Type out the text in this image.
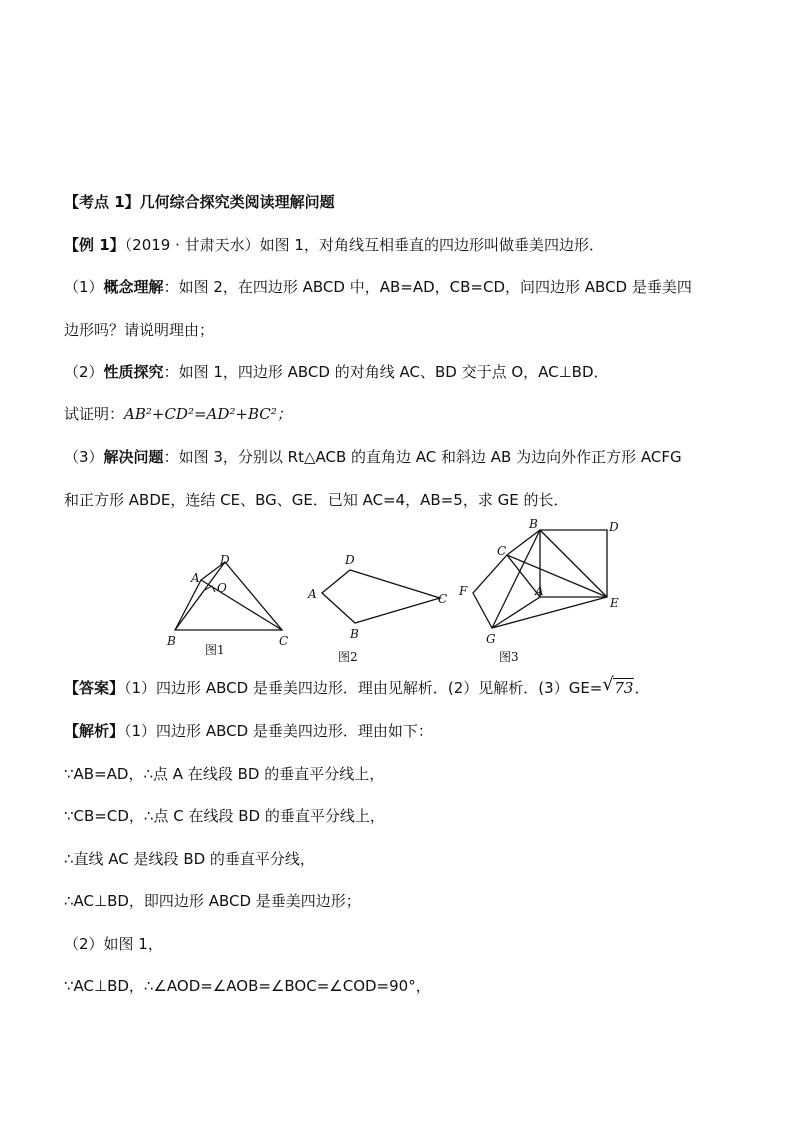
【考点 1】几何综合探究类阅读理解问题
【例 1】（2019 · 甘肃天水）如图 1，对角线互相垂直的四边形叫做垂美四边形．
（1）概念理解：如图 2，在四边形 ABCD 中，AB=AD，CB=CD，问四边形 ABCD 是垂美四
边形吗？请说明理由；
（2）性质探究：如图 1，四边形 ABCD 的对角线 AC、BD 交于点 O，AC⊥BD．
试证明：AB²+CD²=AD²+BC²；
（3）解决问题：如图 3，分别以 Rt△ACB 的直角边 AC 和斜边 AB 为边向外作正方形 ACFG
和正方形 ABDE，连结 CE、BG、GE．已知 AC=4，AB=5，求 GE 的长．
A
B	C
D
O
图1
A
B
C
D
图2
A
B
C
D
E
F
G
图3
【答案】（1）四边形 ABCD 是垂美四边形．理由见解析．(2）见解析．(3）GE= √ 73．
【解析】（1）四边形 ABCD 是垂美四边形．理由如下：
∵AB=AD，∴点 A 在线段 BD 的垂直平分线上，
∵CB=CD，∴点 C 在线段 BD 的垂直平分线上，
∴直线 AC 是线段 BD 的垂直平分线，
∴AC⊥BD，即四边形 ABCD 是垂美四边形；
（2）如图 1，
∵AC⊥BD，∴∠AOD=∠AOB=∠BOC=∠COD=90°，
